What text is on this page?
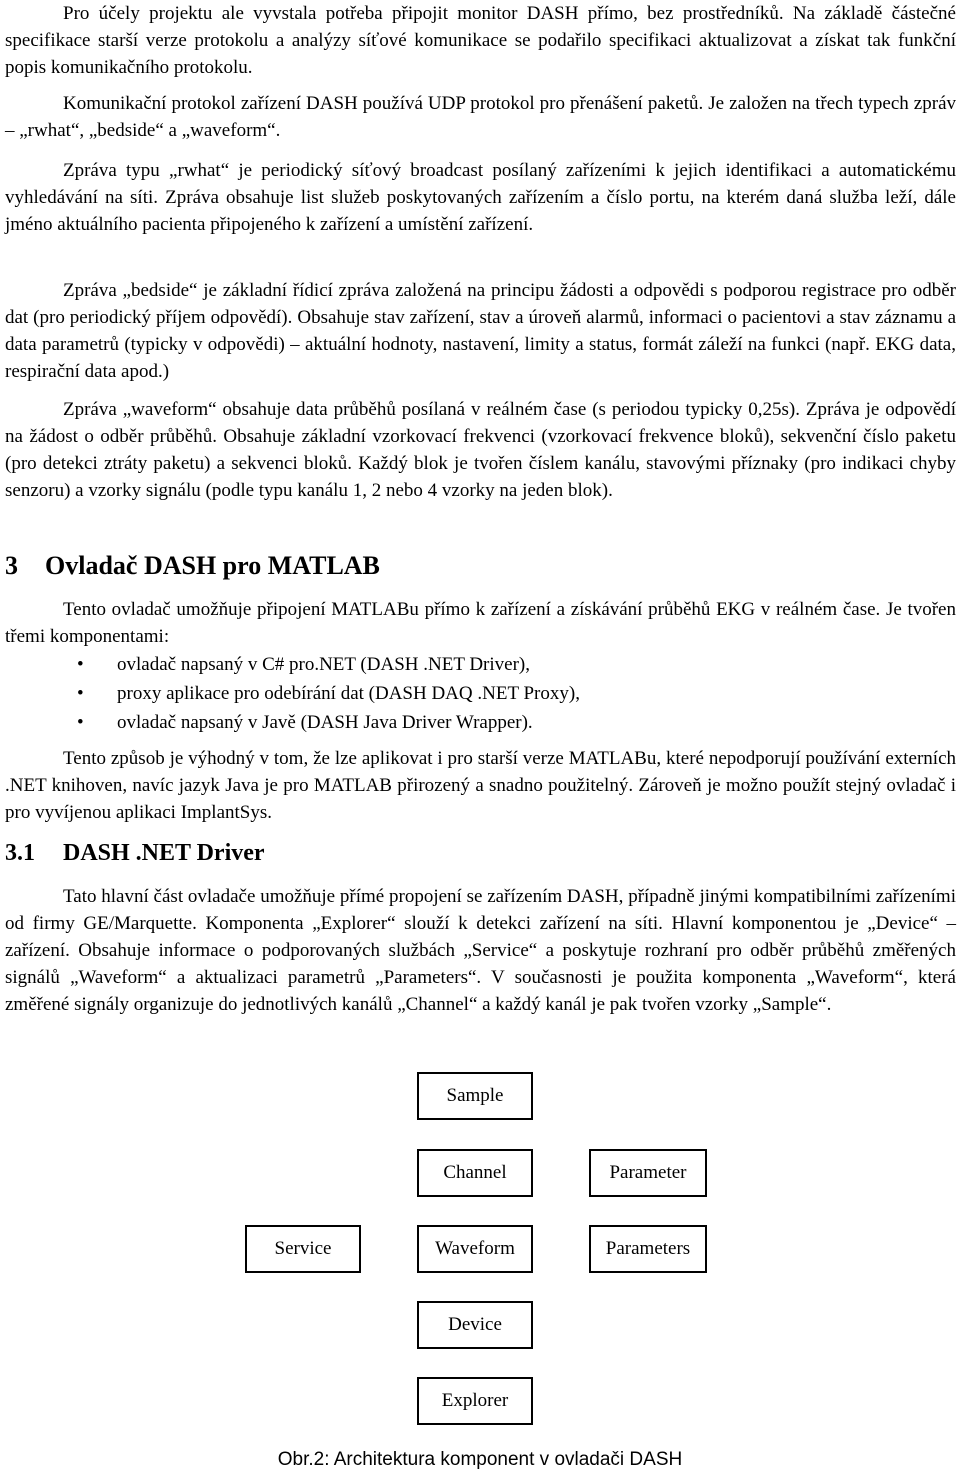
Pro účely projektu ale vyvstala potřeba připojit monitor DASH přímo, bez prostředníků. Na základě částečné specifikace starší verze protokolu a analýzy síťové komunikace se podařilo specifikaci aktualizovat a získat tak funkční popis komunikačního protokolu.

Komunikační protokol zařízení DASH používá UDP protokol pro přenášení paketů. Je založen na třech typech zpráv – „rwhat“, „bedside“ a „waveform“.

Zpráva typu „rwhat“ je periodický síťový broadcast posílaný zařízeními k jejich identifikaci a automatickému vyhledávání na síti. Zpráva obsahuje list služeb poskytovaných zařízením a číslo portu, na kterém daná služba leží, dále jméno aktuálního pacienta připojeného k zařízení a umístění zařízení.

Zpráva „bedside“ je základní řídicí zpráva založená na principu žádosti a odpovědi s podporou registrace pro odběr dat (pro periodický příjem odpovědí). Obsahuje stav zařízení, stav a úroveň alarmů, informaci o pacientovi a stav záznamu a data parametrů (typicky v odpovědi) – aktuální hodnoty, nastavení, limity a status, formát záleží na funkci (např. EKG data, respirační data apod.)

Zpráva „waveform“ obsahuje data průběhů posílaná v reálném čase (s periodou typicky 0,25s). Zpráva je odpovědí na žádost o odběr průběhů. Obsahuje základní vzorkovací frekvenci (vzorkovací frekvence bloků), sekvenční číslo paketu (pro detekci ztráty paketu) a sekvenci bloků. Každý blok je tvořen číslem kanálu, stavovými příznaky (pro indikaci chyby senzoru) a vzorky signálu (podle typu kanálu 1, 2 nebo 4 vzorky na jeden blok).

3 Ovladač DASH pro MATLAB

Tento ovladač umožňuje připojení MATLABu přímo k zařízení a získávání průběhů EKG v reálném čase. Je tvořen třemi komponentami:

• ovladač napsaný v C# pro.NET (DASH .NET Driver),
• proxy aplikace pro odebírání dat (DASH DAQ .NET Proxy),
• ovladač napsaný v Javě (DASH Java Driver Wrapper).

Tento způsob je výhodný v tom, že lze aplikovat i pro starší verze MATLABu, které nepodporují používání externích .NET knihoven, navíc jazyk Java je pro MATLAB přirozený a snadno použitelný. Zároveň je možno použít stejný ovladač i pro vyvíjenou aplikaci ImplantSys.

3.1 DASH .NET Driver

Tato hlavní část ovladače umožňuje přímé propojení se zařízením DASH, případně jinými kompatibilními zařízeními od firmy GE/Marquette. Komponenta „Explorer“ slouží k detekci zařízení na síti. Hlavní komponentou je „Device“ – zařízení. Obsahuje informace o podporovaných službách „Service“ a poskytuje rozhraní pro odběr průběhů změřených signálů „Waveform“ a aktualizaci parametrů „Parameters“. V současnosti je použita komponenta „Waveform“, která změřené signály organizuje do jednotlivých kanálů „Channel“ a každý kanál je pak tvořen vzorky „Sample“.

Sample
Channel	Parameter
Service	Waveform	Parameters
Device
Explorer
Obr.2: Architektura komponent v ovladači DASH
